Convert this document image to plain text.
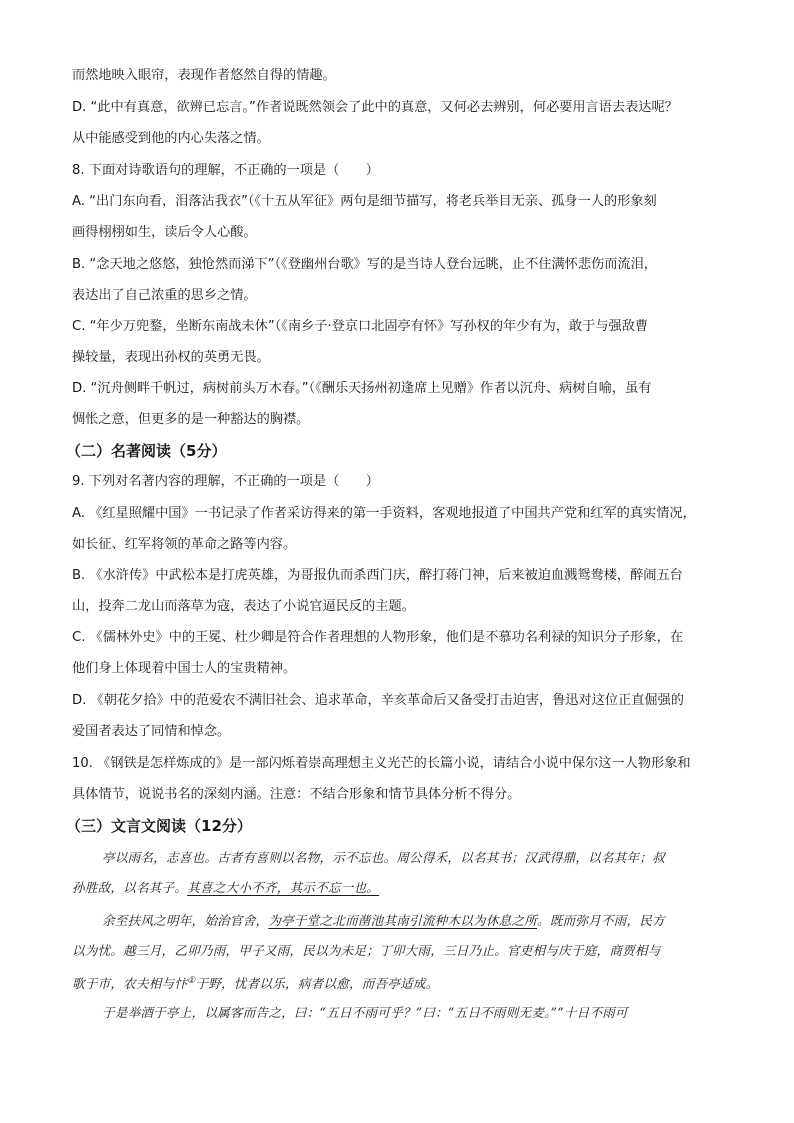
而然地映入眼帘，表现作者悠然自得的情趣。
D. “此中有真意，欲辨已忘言。”作者说既然领会了此中的真意，又何必去辨别，何必要用言语去表达呢？
从中能感受到他的内心失落之情。
8. 下面对诗歌语句的理解，不正确的一项是（　　）
A. “出门东向看，泪落沾我衣”（《十五从军征》两句是细节描写，将老兵举目无亲、孤身一人的形象刻
画得栩栩如生，读后令人心酸。
B. “念天地之悠悠，独怆然而涕下”（《登幽州台歌》写的是当诗人登台远眺，止不住满怀悲伤而流泪，
表达出了自己浓重的思乡之情。
C. “年少万兜鍪，坐断东南战未休”（《南乡子·登京口北固亭有怀》写孙权的年少有为，敢于与强敌曹
操较量，表现出孙权的英勇无畏。
D. “沉舟侧畔千帆过，病树前头万木春。”（《酬乐天扬州初逢席上见赠》作者以沉舟、病树自喻，虽有
惆怅之意，但更多的是一种豁达的胸襟。
（二）名著阅读（5分）
9. 下列对名著内容的理解，不正确的一项是（　　）
A. 《红星照耀中国》一书记录了作者采访得来的第一手资料，客观地报道了中国共产党和红军的真实情况，
如长征、红军将领的革命之路等内容。
B. 《水浒传》中武松本是打虎英雄，为哥报仇而杀西门庆，醉打蒋门神，后来被迫血溅鸳鸯楼，醉闹五台
山，投奔二龙山而落草为寇，表达了小说官逼民反的主题。
C. 《儒林外史》中的王冕、杜少卿是符合作者理想的人物形象，他们是不慕功名利禄的知识分子形象，在
他们身上体现着中国士人的宝贵精神。
D. 《朝花夕拾》中的范爱农不满旧社会、追求革命，辛亥革命后又备受打击迫害，鲁迅对这位正直倔强的
爱国者表达了同情和悼念。
10. 《钢铁是怎样炼成的》是一部闪烁着崇高理想主义光芒的长篇小说，请结合小说中保尔这一人物形象和
具体情节，说说书名的深刻内涵。注意：不结合形象和情节具体分析不得分。
（三）文言文阅读（12分）
亭以雨名，志喜也。古者有喜则以名物，示不忘也。周公得禾，以名其书；汉武得鼎，以名其年；叔
孙胜敌，以名其子。其喜之大小不齐，其示不忘一也。
余至扶风之明年，始治官舍，为亭于堂之北而凿池其南引流种木以为休息之所。既而弥月不雨，民方
以为忧。越三月，乙卯乃雨，甲子又雨，民以为未足；丁卯大雨，三日乃止。官吏相与庆于庭，商贾相与
歌于市，农夫相与忭①于野，忧者以乐，病者以愈，而吾亭适成。
于是举酒于亭上，以属客而告之，曰：“五日不雨可乎？”曰：“五日不雨则无麦。”“十日不雨可
